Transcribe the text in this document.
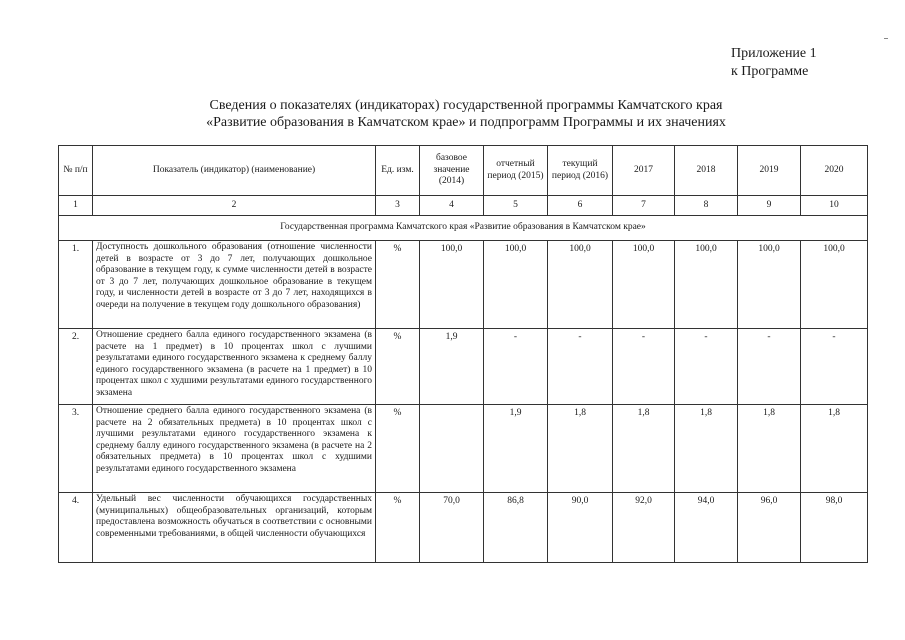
Приложение 1
к Программе
Сведения о показателях (индикаторах) государственной программы Камчатского края
«Развитие образования в Камчатском крае» и подпрограмм Программы и их значениях
№ п/п	Показатель (индикатор) (наименование)	Ед. изм.	базовое значение (2014)	отчетный период (2015)	текущий период (2016)	2017	2018	2019	2020
1	2	3	4	5	6	7	8	9	10
Государственная программа Камчатского края «Развитие образования в Камчатском крае»									
1.	Доступность дошкольного образования (отношение численности детей в возрасте от 3 до 7 лет, получающих дошкольное образование в текущем году, к сумме численности детей в возрасте от 3 до 7 лет, получающих дошкольное образование в текущем году, и численности детей в возрасте от 3 до 7 лет, находящихся в очереди на получение в текущем году дошкольного образования)	%	100,0	100,0	100,0	100,0	100,0	100,0	100,0
2.	Отношение среднего балла единого государственного экзамена (в расчете на 1 предмет) в 10 процентах школ с лучшими результатами единого государственного экзамена к среднему баллу единого государственного экзамена (в расчете на 1 предмет) в 10 процентах школ с худшими результатами единого государственного экзамена	%	1,9	-	-	-	-	-	-
3.	Отношение среднего балла единого государственного экзамена (в расчете на 2 обязательных предмета) в 10 процентах школ с лучшими результатами единого государственного экзамена к среднему баллу единого государственного экзамена (в расчете на 2 обязательных предмета) в 10 процентах школ с худшими результатами единого государственного экзамена	%		1,9	1,8	1,8	1,8	1,8	1,8
4.	Удельный вес численности обучающихся государственных (муниципальных) общеобразовательных организаций, которым предоставлена возможность обучаться в соответствии с основными современными требованиями, в общей численности обучающихся	%	70,0	86,8	90,0	92,0	94,0	96,0	98,0
